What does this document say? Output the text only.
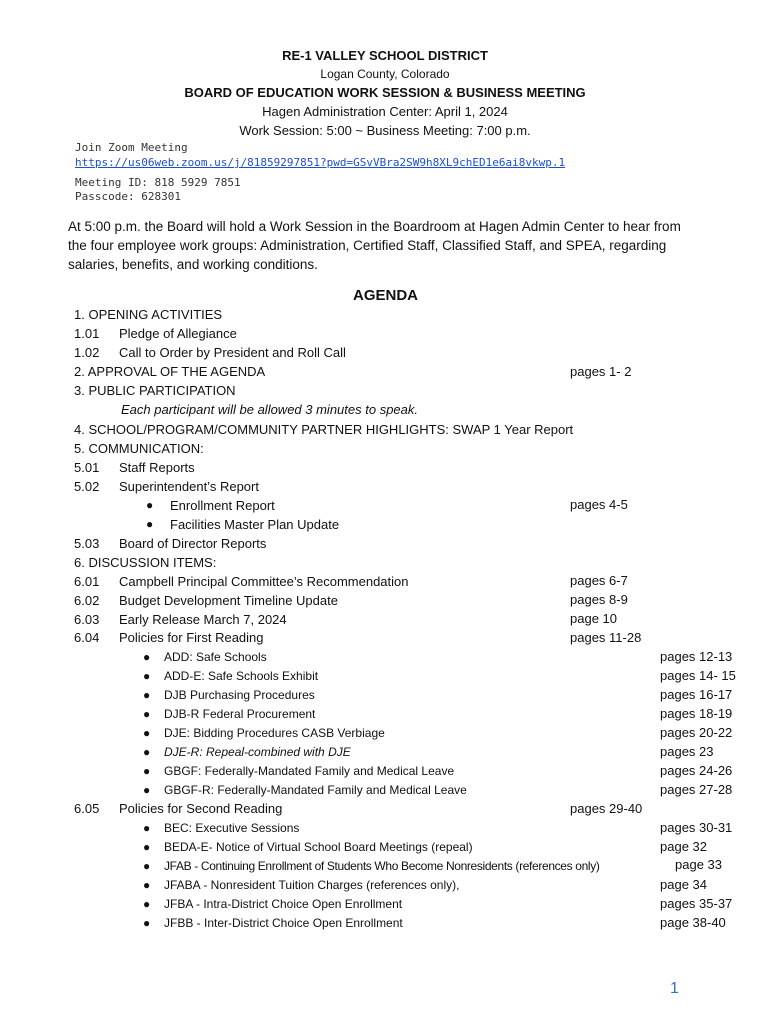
RE-1 VALLEY SCHOOL DISTRICT
Logan County, Colorado
BOARD OF EDUCATION WORK SESSION & BUSINESS MEETING
Hagen Administration Center: April 1, 2024
Work Session: 5:00 ~ Business Meeting: 7:00 p.m.
Join Zoom Meeting
https://us06web.zoom.us/j/81859297851?pwd=GSvVBra2SW9h8XL9chED1e6ai8vkwp.1
Meeting ID: 818 5929 7851
Passcode: 628301
At 5:00 p.m. the Board will hold a Work Session in the Boardroom at Hagen Admin Center to hear from
the four employee work groups: Administration, Certified Staff, Classified Staff, and SPEA, regarding
salaries, benefits, and working conditions.
AGENDA
1. OPENING ACTIVITIES
1.01 Pledge of Allegiance
1.02 Call to Order by President and Roll Call
2. APPROVAL OF THE AGENDA	pages 1- 2
3. PUBLIC PARTICIPATION
Each participant will be allowed 3 minutes to speak.
4. SCHOOL/PROGRAM/COMMUNITY PARTNER HIGHLIGHTS: SWAP 1 Year Report
5. COMMUNICATION:
5.01 Staff Reports
5.02 Superintendent’s Report
● Enrollment Report	pages 4-5
● Facilities Master Plan Update
5.03 Board of Director Reports
6. DISCUSSION ITEMS:
6.01 Campbell Principal Committee’s Recommendation	pages 6-7
6.02 Budget Development Timeline Update	pages 8-9
6.03 Early Release March 7, 2024	page 10
6.04 Policies for First Reading	pages 11-28
● ADD: Safe Schools	pages 12-13
● ADD-E: Safe Schools Exhibit	pages 14- 15
● DJB Purchasing Procedures	pages 16-17
● DJB-R Federal Procurement	pages 18-19
● DJE: Bidding Procedures CASB Verbiage	pages 20-22
● DJE-R: Repeal-combined with DJE	pages 23
● GBGF: Federally-Mandated Family and Medical Leave	pages 24-26
● GBGF-R: Federally-Mandated Family and Medical Leave	pages 27-28
6.05 Policies for Second Reading	pages 29-40
● BEC: Executive Sessions	pages 30-31
● BEDA-E- Notice of Virtual School Board Meetings (repeal)	page 32
● JFAB - Continuing Enrollment of Students Who Become Nonresidents (references only)	page 33
● JFABA - Nonresident Tuition Charges (references only),	page 34
● JFBA - Intra-District Choice Open Enrollment	pages 35-37
● JFBB - Inter-District Choice Open Enrollment	page 38-40
1
